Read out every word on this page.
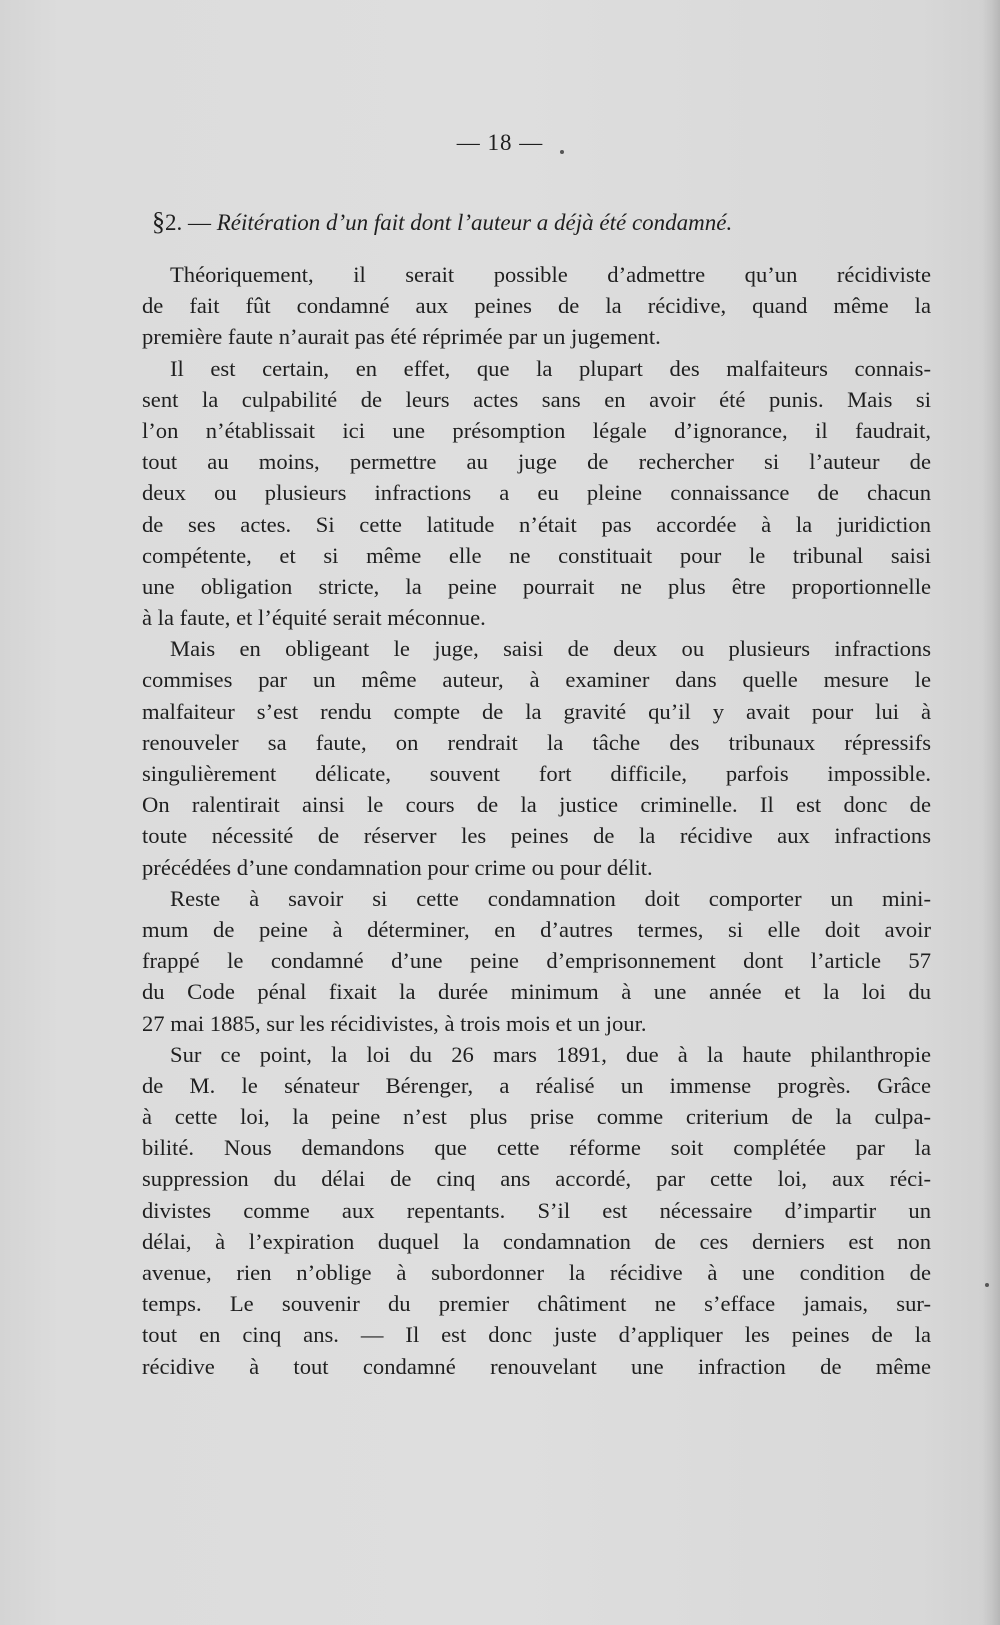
— 18 —
§2. — Réitération d’un fait dont l’auteur a déjà été condamné.
Théoriquement, il serait possible d’admettre qu’un récidiviste
de fait fût condamné aux peines de la récidive, quand même la
première faute n’aurait pas été réprimée par un jugement.
Il est certain, en effet, que la plupart des malfaiteurs connais-
sent la culpabilité de leurs actes sans en avoir été punis. Mais si
l’on n’établissait ici une présomption légale d’ignorance, il faudrait,
tout au moins, permettre au juge de rechercher si l’auteur de
deux ou plusieurs infractions a eu pleine connaissance de chacun
de ses actes. Si cette latitude n’était pas accordée à la juridiction
compétente, et si même elle ne constituait pour le tribunal saisi
une obligation stricte, la peine pourrait ne plus être proportionnelle
à la faute, et l’équité serait méconnue.
Mais en obligeant le juge, saisi de deux ou plusieurs infractions
commises par un même auteur, à examiner dans quelle mesure le
malfaiteur s’est rendu compte de la gravité qu’il y avait pour lui à
renouveler sa faute, on rendrait la tâche des tribunaux répressifs
singulièrement délicate, souvent fort difficile, parfois impossible.
On ralentirait ainsi le cours de la justice criminelle. Il est donc de
toute nécessité de réserver les peines de la récidive aux infractions
précédées d’une condamnation pour crime ou pour délit.
Reste à savoir si cette condamnation doit comporter un mini-
mum de peine à déterminer, en d’autres termes, si elle doit avoir
frappé le condamné d’une peine d’emprisonnement dont l’article 57
du Code pénal fixait la durée minimum à une année et la loi du
27 mai 1885, sur les récidivistes, à trois mois et un jour.
Sur ce point, la loi du 26 mars 1891, due à la haute philanthropie
de M. le sénateur Bérenger, a réalisé un immense progrès. Grâce
à cette loi, la peine n’est plus prise comme criterium de la culpa-
bilité. Nous demandons que cette réforme soit complétée par la
suppression du délai de cinq ans accordé, par cette loi, aux réci-
divistes comme aux repentants. S’il est nécessaire d’impartir un
délai, à l’expiration duquel la condamnation de ces derniers est non
avenue, rien n’oblige à subordonner la récidive à une condition de
temps. Le souvenir du premier châtiment ne s’efface jamais, sur-
tout en cinq ans. — Il est donc juste d’appliquer les peines de la
récidive à tout condamné renouvelant une infraction de même
